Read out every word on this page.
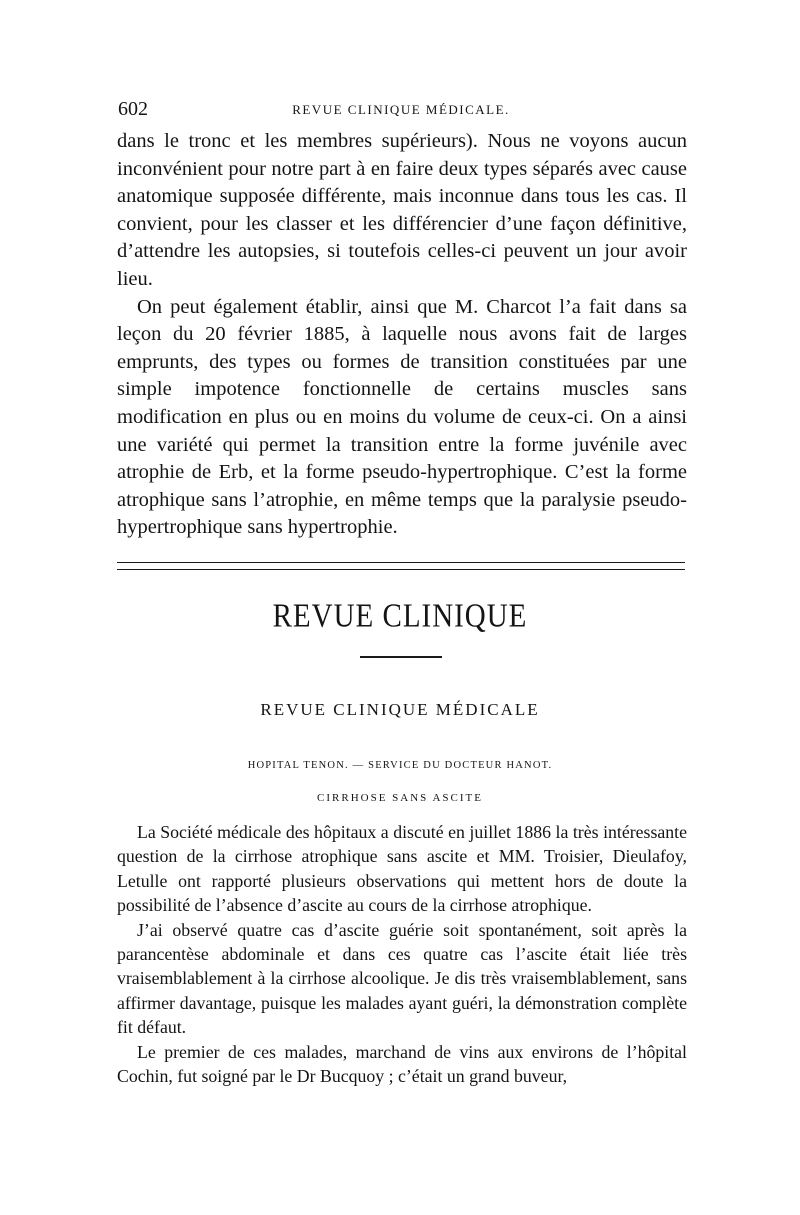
602	REVUE CLINIQUE MÉDICALE.

dans le tronc et les membres supérieurs). Nous ne voyons aucun inconvénient pour notre part à en faire deux types séparés avec cause anatomique supposée différente, mais inconnue dans tous les cas. Il convient, pour les classer et les différencier d’une façon définitive, d’attendre les autopsies, si toutefois celles-ci peuvent un jour avoir lieu.

On peut également établir, ainsi que M. Charcot l’a fait dans sa leçon du 20 février 1885, à laquelle nous avons fait de larges emprunts, des types ou formes de transition constituées par une simple impotence fonctionnelle de certains muscles sans modification en plus ou en moins du volume de ceux-ci. On a ainsi une variété qui permet la transition entre la forme juvénile avec atrophie de Erb, et la forme pseudo-hypertrophique. C’est la forme atrophique sans l’atrophie, en même temps que la paralysie pseudo-hypertrophique sans hypertrophie.

REVUE CLINIQUE
REVUE CLINIQUE MÉDICALE
HOPITAL TENON. — SERVICE DU DOCTEUR HANOT.
CIRRHOSE SANS ASCITE

La Société médicale des hôpitaux a discuté en juillet 1886 la très intéressante question de la cirrhose atrophique sans ascite et MM. Troisier, Dieulafoy, Letulle ont rapporté plusieurs observations qui mettent hors de doute la possibilité de l’absence d’ascite au cours de la cirrhose atrophique.

J’ai observé quatre cas d’ascite guérie soit spontanément, soit après la parancentèse abdominale et dans ces quatre cas l’ascite était liée très vraisemblablement à la cirrhose alcoolique. Je dis très vraisemblablement, sans affirmer davantage, puisque les malades ayant guéri, la démonstration complète fit défaut.

Le premier de ces malades, marchand de vins aux environs de l’hôpital Cochin, fut soigné par le Dr Bucquoy ; c’était un grand buveur,
